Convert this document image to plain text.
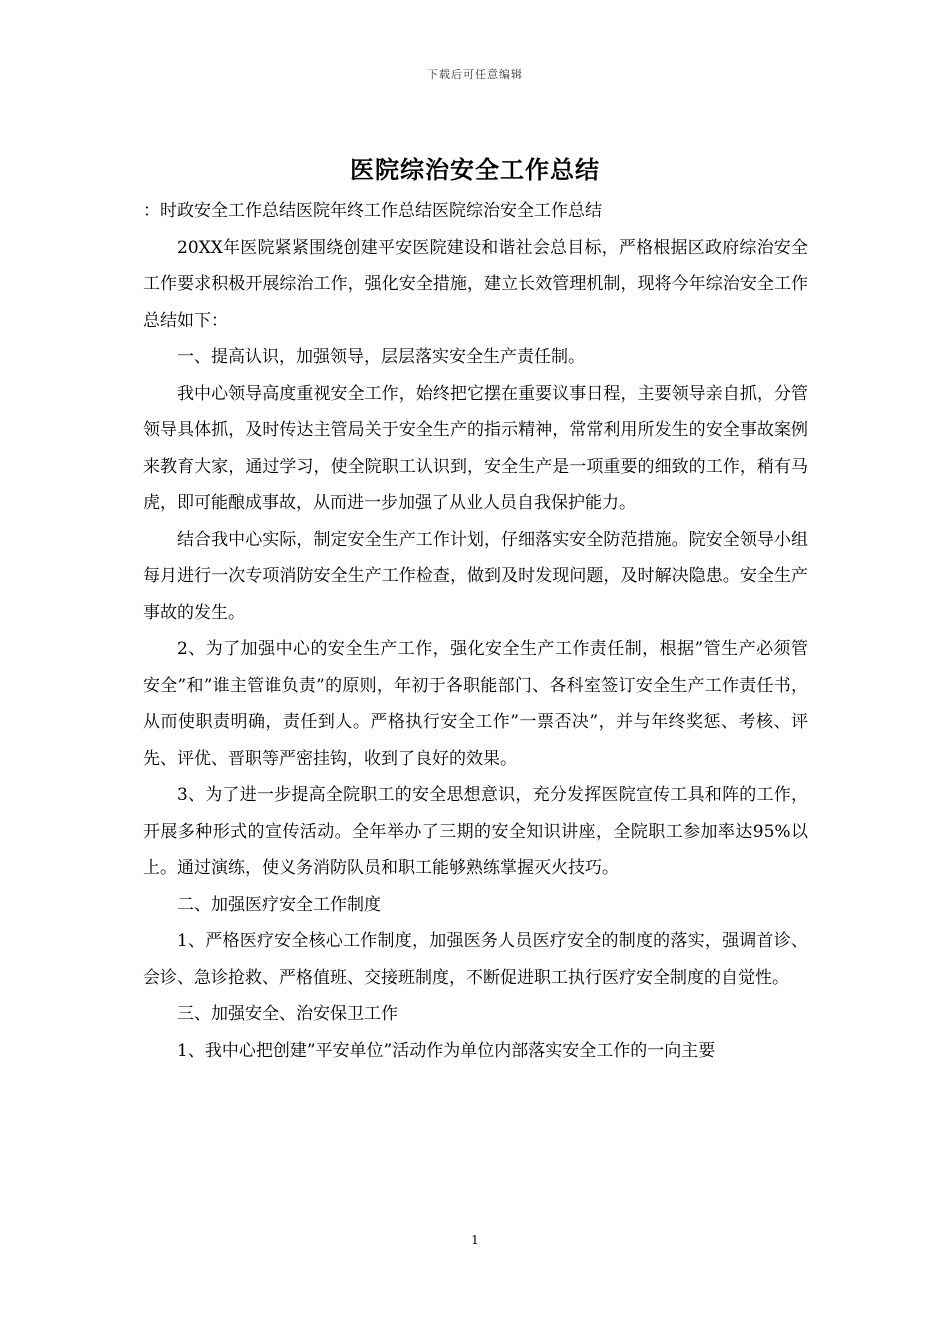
下载后可任意编辑
医院综治安全工作总结

：时政安全工作总结医院年终工作总结医院综治安全工作总结

20XX年医院紧紧围绕创建平安医院建设和谐社会总目标，严格根据区政府综治安全工作要求积极开展综治工作，强化安全措施，建立长效管理机制，现将今年综治安全工作总结如下：

一、提高认识，加强领导，层层落实安全生产责任制。

我中心领导高度重视安全工作，始终把它摆在重要议事日程，主要领导亲自抓，分管领导具体抓，及时传达主管局关于安全生产的指示精神，常常利用所发生的安全事故案例来教育大家，通过学习，使全院职工认识到，安全生产是一项重要的细致的工作，稍有马虎，即可能酿成事故，从而进一步加强了从业人员自我保护能力。

结合我中心实际，制定安全生产工作计划，仔细落实安全防范措施。院安全领导小组每月进行一次专项消防安全生产工作检查，做到及时发现问题，及时解决隐患。安全生产事故的发生。

2、为了加强中心的安全生产工作，强化安全生产工作责任制，根据”管生产必须管安全”和”谁主管谁负责”的原则，年初于各职能部门、各科室签订安全生产工作责任书，从而使职责明确，责任到人。严格执行安全工作”一票否决”，并与年终奖惩、考核、评先、评优、晋职等严密挂钩，收到了良好的效果。

3、为了进一步提高全院职工的安全思想意识，充分发挥医院宣传工具和阵的工作，开展多种形式的宣传活动。全年举办了三期的安全知识讲座，全院职工参加率达95%以上。通过演练，使义务消防队员和职工能够熟练掌握灭火技巧。

二、加强医疗安全工作制度

1、严格医疗安全核心工作制度，加强医务人员医疗安全的制度的落实，强调首诊、会诊、急诊抢救、严格值班、交接班制度，不断促进职工执行医疗安全制度的自觉性。

三、加强安全、治安保卫工作

1、我中心把创建”平安单位”活动作为单位内部落实安全工作的一向主要

1
